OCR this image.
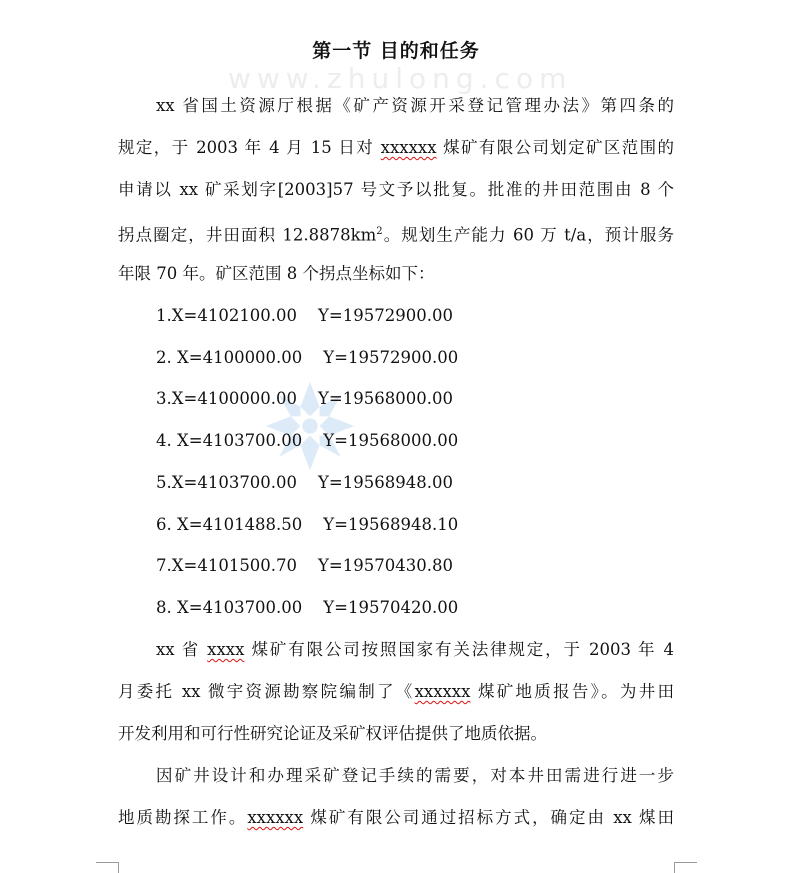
www.zhulong.com
第一节 目的和任务
xx 省国土资源厅根据《矿产资源开采登记管理办法》第四条的
规定，于 2003 年 4 月 15 日对 xxxxxx 煤矿有限公司划定矿区范围的
申请以 xx 矿采划字[2003]57 号文予以批复。批准的井田范围由 8 个
拐点圈定，井田面积 $12.8878km^2$。规划生产能力 60 万 t/a，预计服务
年限 70 年。矿区范围 8 个拐点坐标如下：
1.X=4102100.00 Y=19572900.00
2. X=4100000.00 Y=19572900.00
3.X=4100000.00 Y=19568000.00
4. X=4103700.00 Y=19568000.00
5.X=4103700.00 Y=19568948.00
6. X=4101488.50 Y=19568948.10
7.X=4101500.70 Y=19570430.80
8. X=4103700.00 Y=19570420.00
xx 省 xxxx 煤矿有限公司按照国家有关法律规定，于 2003 年 4
月委托 xx 微宇资源勘察院编制了《xxxxxx 煤矿地质报告》。为井田
开发利用和可行性研究论证及采矿权评估提供了地质依据。
因矿井设计和办理采矿登记手续的需要，对本井田需进行进一步
地质勘探工作。xxxxxx 煤矿有限公司通过招标方式，确定由 xx 煤田
